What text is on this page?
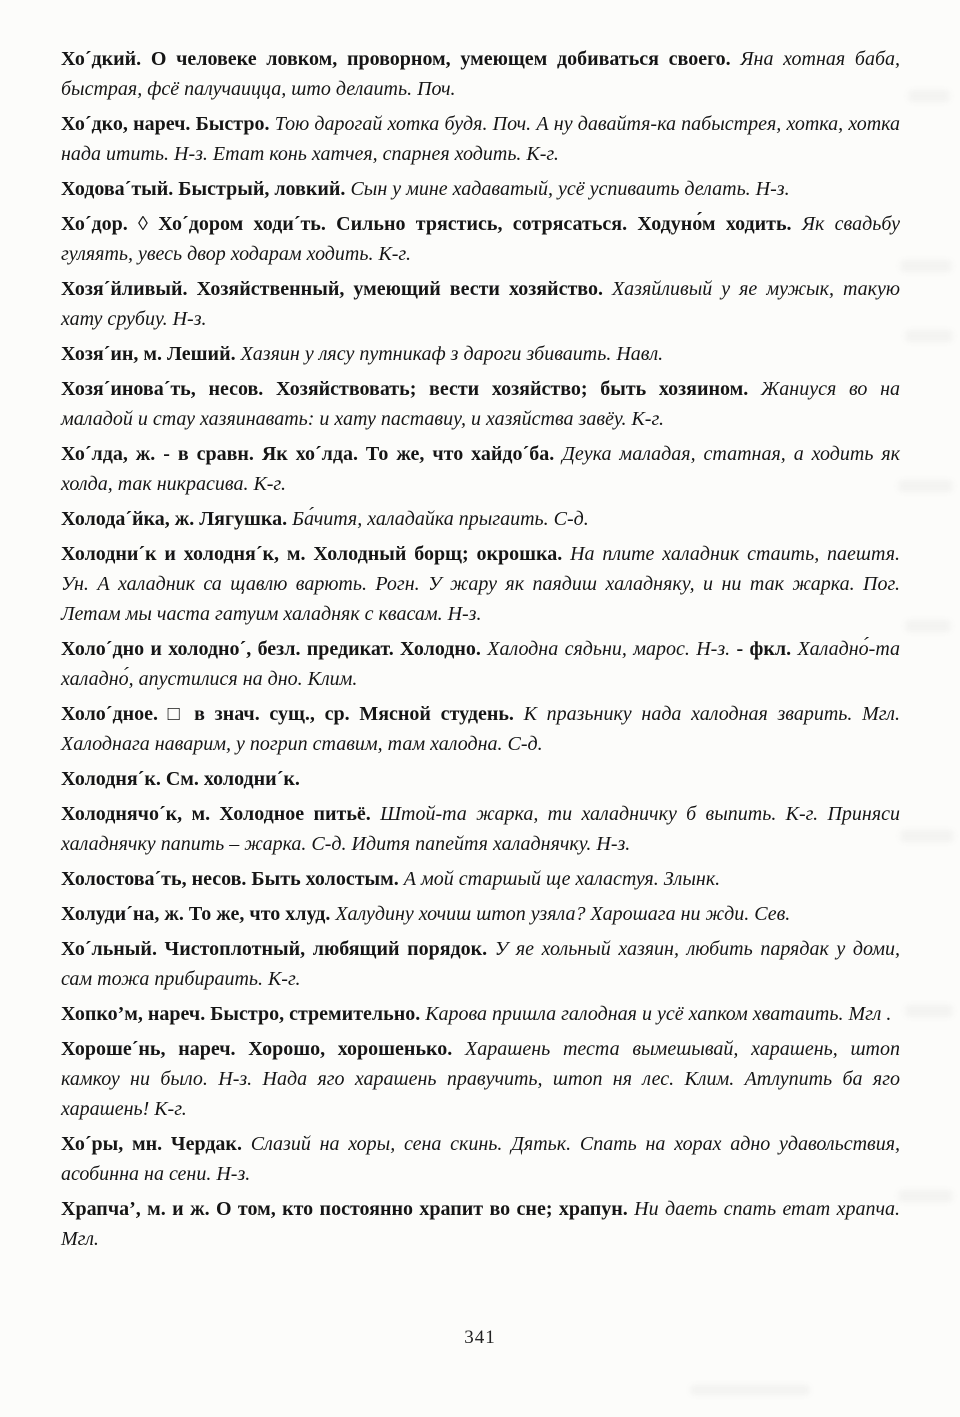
Хо´дкий. О человеке ловком, проворном, умеющем добиваться своего. Яна хотная баба, быстрая, фсё палучаицца, што делаить. Поч.

Хо´дко, нареч. Быстро. Тою дарогай хотка будя. Поч. А ну давайтя-ка пабыстрея, хотка, хотка нада итить. Н-з. Етат конь хатчея, спарнея ходить. К-г.

Ходова´тый. Быстрый, ловкий. Сын у мине хадаватый, усё успиваить делать. Н-з.

Хо´дор. ◊ Хо´дором ходи´ть. Сильно трястись, сотрясаться. Ходуно́м ходить. Як свадьбу гуляять, увесь двор ходарам ходить. К-г.

Хозя´йливый. Хозяйственный, умеющий вести хозяйство. Хазяйливый у яе мужык, такую хату срубиу. Н-з.

Хозя´ин, м. Леший. Хазяин у лясу путникаф з дароги збиваить. Навл.

Хозя´инова´ть, несов. Хозяйствовать; вести хозяйство; быть хозяином. Жаниуся во на маладой и стау хазяинавать: и хату паставиу, и хазяйства завёу. К-г.

Хо´лда, ж. - в сравн. Як хо´лда. То же, что хайдо´ба. Деука маладая, статная, а ходить як холда, так никрасива. К-г.

Холода´йка, ж. Лягушка. Ба́читя, халадайка прыгаить. С-д.

Холодни´к и холодня´к, м. Холодный борщ; окрошка. На плите халадник стаить, паештя. Ун. А халадник са щавлю варють. Рогн. У жару як паядиш халадняку, и ни так жарка. Пог. Летам мы часта гатуим халадняк с квасам. Н-з.

Холо´дно и холодно´, безл. предикат. Холодно. Халодна сядьни, марос. Н-з. - фкл. Халадно́-та халадно́, апустилися на дно. Клим.

Холо´дное. □ в знач. сущ., ср. Мясной студень. К празьнику нада халодная зварить. Мгл. Халоднага наварим, у погрип ставим, там халодна. С-д.

Холодня´к. См. холодни´к.

Холоднячо´к, м. Холодное питьё. Штой-та жарка, ти халадничку б выпить. К-г. Приняси халаднячку папить – жарка. С-д. Идитя папейтя халаднячку. Н-з.

Холостова´ть, несов. Быть холостым. А мой старшый ще халастуя. Злынк.

Холуди´на, ж. То же, что хлуд. Халудину хочиш штоп узяла? Харошага ни жди. Сев.

Хо´льный. Чистоплотный, любящий порядок. У яе хольный хазяин, любить парядак у доми, сам тожа прибираить. К-г.

Хопко’м, нареч. Быстро, стремительно. Карова пришла галодная и усё хапком хватаить. Мгл .

Хороше´нь, нареч. Хорошо, хорошенько. Харашень теста вымешывай, харашень, штоп камкоу ни было. Н-з. Нада яго харашень правучить, штоп ня лес. Клим. Атлупить ба яго харашень! К-г.

Хо´ры, мн. Чердак. Слазий на хоры, сена скинь. Дятьк. Спать на хорах адно удавольствия, асобинна на сени. Н-з.

Храпча’, м. и ж. О том, кто постоянно храпит во сне; храпун. Ни даеть спать етат храпча. Мгл.

341
